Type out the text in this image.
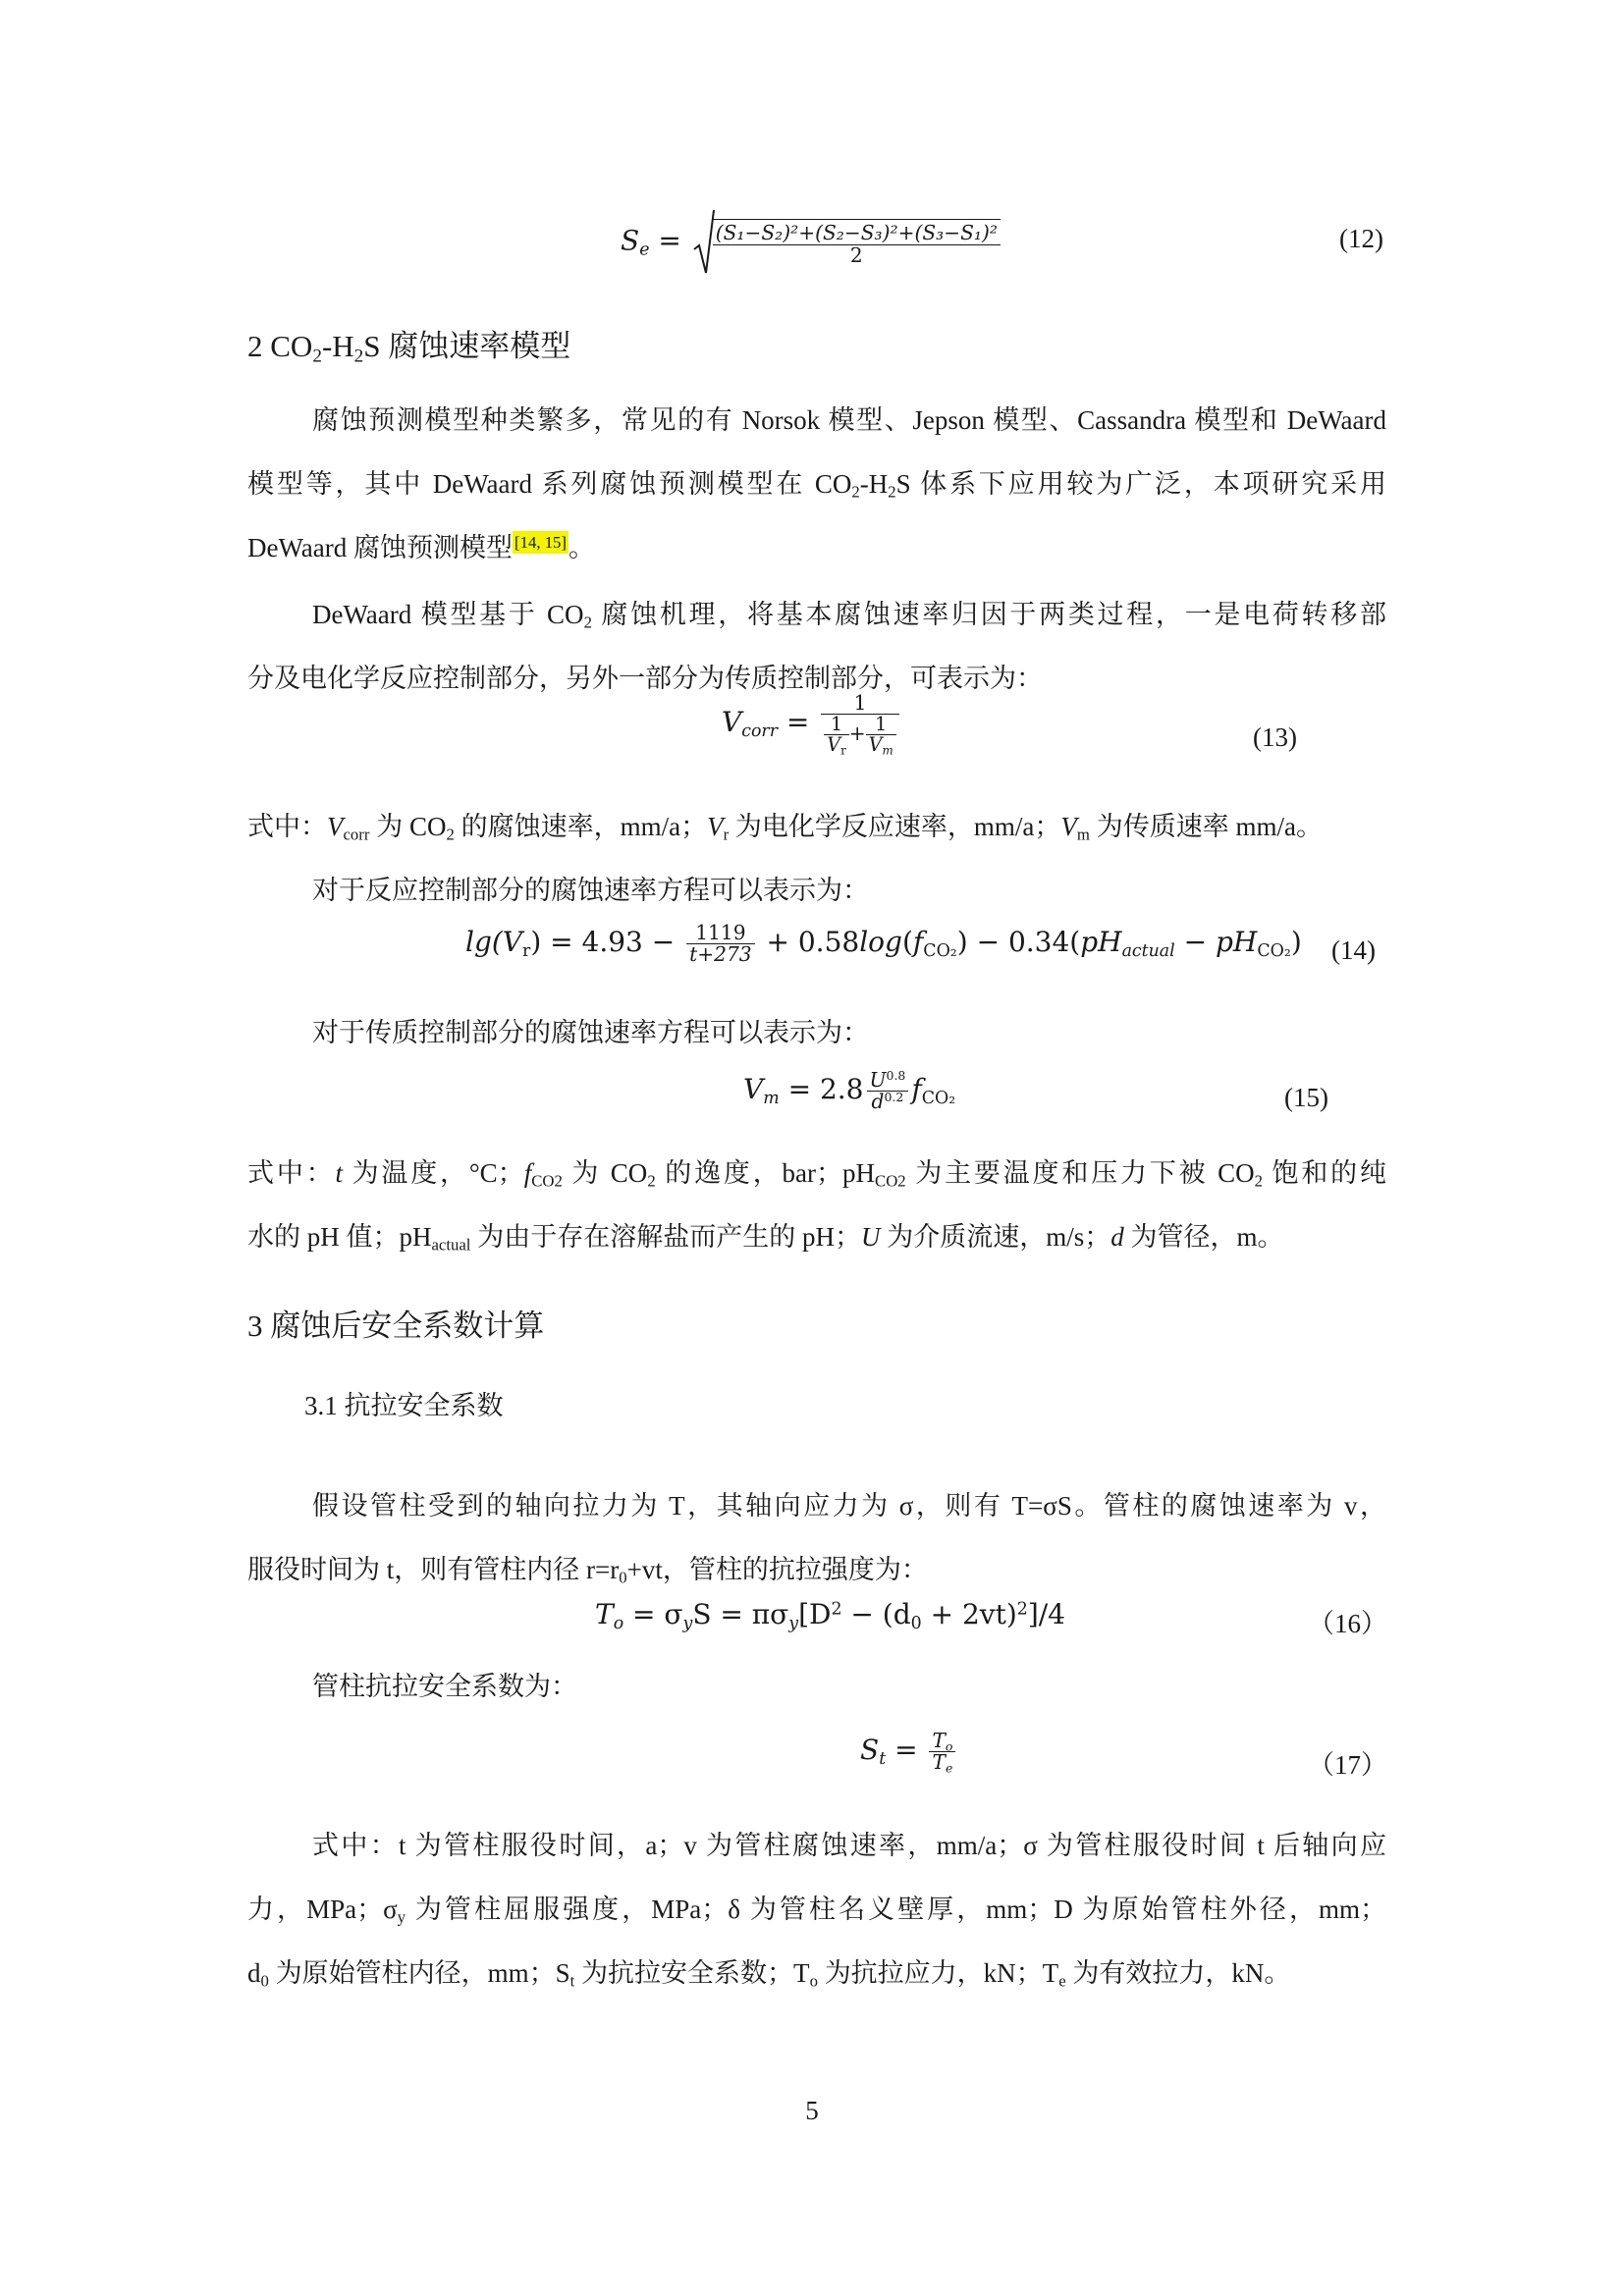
$S_e = \frac{\text{(S₁−S₂)²+(S₂−S₃)²+(S₃−S₁)²}}{2}$	(12)
2 $CO_2-H_2S$ 腐蚀速率模型
腐蚀预测模型种类繁多，常见的有 Norsok 模型、Jepson 模型、Cassandra 模型和 DeWaard
模型等，其中 DeWaard 系列腐蚀预测模型在 $CO_2-H_2S$ 体系下应用较为广泛，本项研究采用
DeWaard 腐蚀预测模型 [14, 15]。
DeWaard 模型基于 $CO_2$ 腐蚀机理，将基本腐蚀速率归因于两类过程，一是电荷转移部
分及电化学反应控制部分，另外一部分为传质控制部分，可表示为：
$V_{corr} = \frac{1}{\frac{1}{V_r} + \frac{1}{V_m}}$	(13)
式中：$V_{corr}$ 为 $CO_2$ 的腐蚀速率，mm/a；$V_r$ 为电化学反应速率，mm/a；$V_m$ 为传质速率 mm/a。
对于反应控制部分的腐蚀速率方程可以表示为：
$\lg(V_r) = 4.93 - \frac{1119}{t+273} + 0.58\log(f_{CO_2}) - 0.34(pH_{actual} - pH_{CO_2})$ (14)
对于传质控制部分的腐蚀速率方程可以表示为：
$V_m = 2.8 \frac{U^{0.8}}{d^{0.2}} f_{CO_2}$	(15)
式中：t 为温度，°C；$f_{CO2}$ 为 $CO_2$ 的逸度，bar；$pH_{CO2}$ 为主要温度和压力下被 $CO_2$ 饱和的纯
水的 pH 值；$pH_{actual}$ 为由于存在溶解盐而产生的 pH；U 为介质流速，m/s；d 为管径，m。
3 腐蚀后安全系数计算
3.1 抗拉安全系数
假设管柱受到的轴向拉力为 T，其轴向应力为 σ，则有 T=σS。管柱的腐蚀速率为 v，
服役时间为 t，则有管柱内径 $r=r_0+vt$，管柱的抗拉强度为：
$T_o = \sigma_yS = \pi\sigma_y[D^2 - (d_0 + 2vt)^2]/4$	（16）
管柱抗拉安全系数为：
$S_t = \frac{T_o}{T_e}$	（17）
式中：t 为管柱服役时间，a；v 为管柱腐蚀速率，mm/a；σ 为管柱服役时间 t 后轴向应
力，MPa；$\sigma_y$ 为管柱屈服强度，MPa；δ 为管柱名义壁厚，mm；D 为原始管柱外径，mm；
$d_0$ 为原始管柱内径，mm；$S_t$ 为抗拉安全系数；$T_o$ 为抗拉应力，kN；$T_e$ 为有效拉力，kN。
5
